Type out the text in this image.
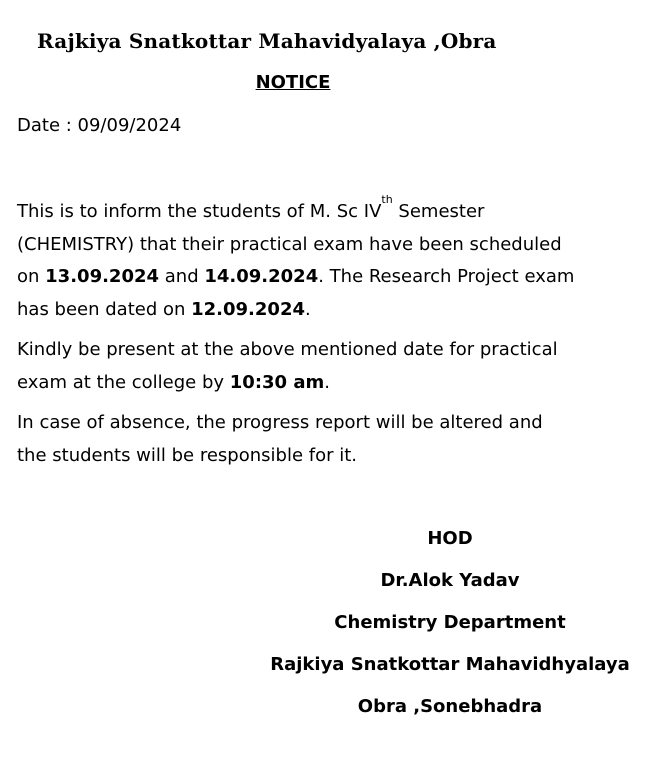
Rajkiya Snatkottar Mahavidyalaya ,Obra
NOTICE
Date : 09/09/2024

This is to inform the students of M. Sc IVth Semester (CHEMISTRY) that their practical exam have been scheduled on 13.09.2024 and 14.09.2024. The Research Project exam has been dated on 12.09.2024.

Kindly be present at the above mentioned date for practical exam at the college by 10:30 am.

In case of absence, the progress report will be altered and the students will be responsible for it.

HOD
Dr.Alok Yadav
Chemistry Department
Rajkiya Snatkottar Mahavidhyalaya
Obra ,Sonebhadra
